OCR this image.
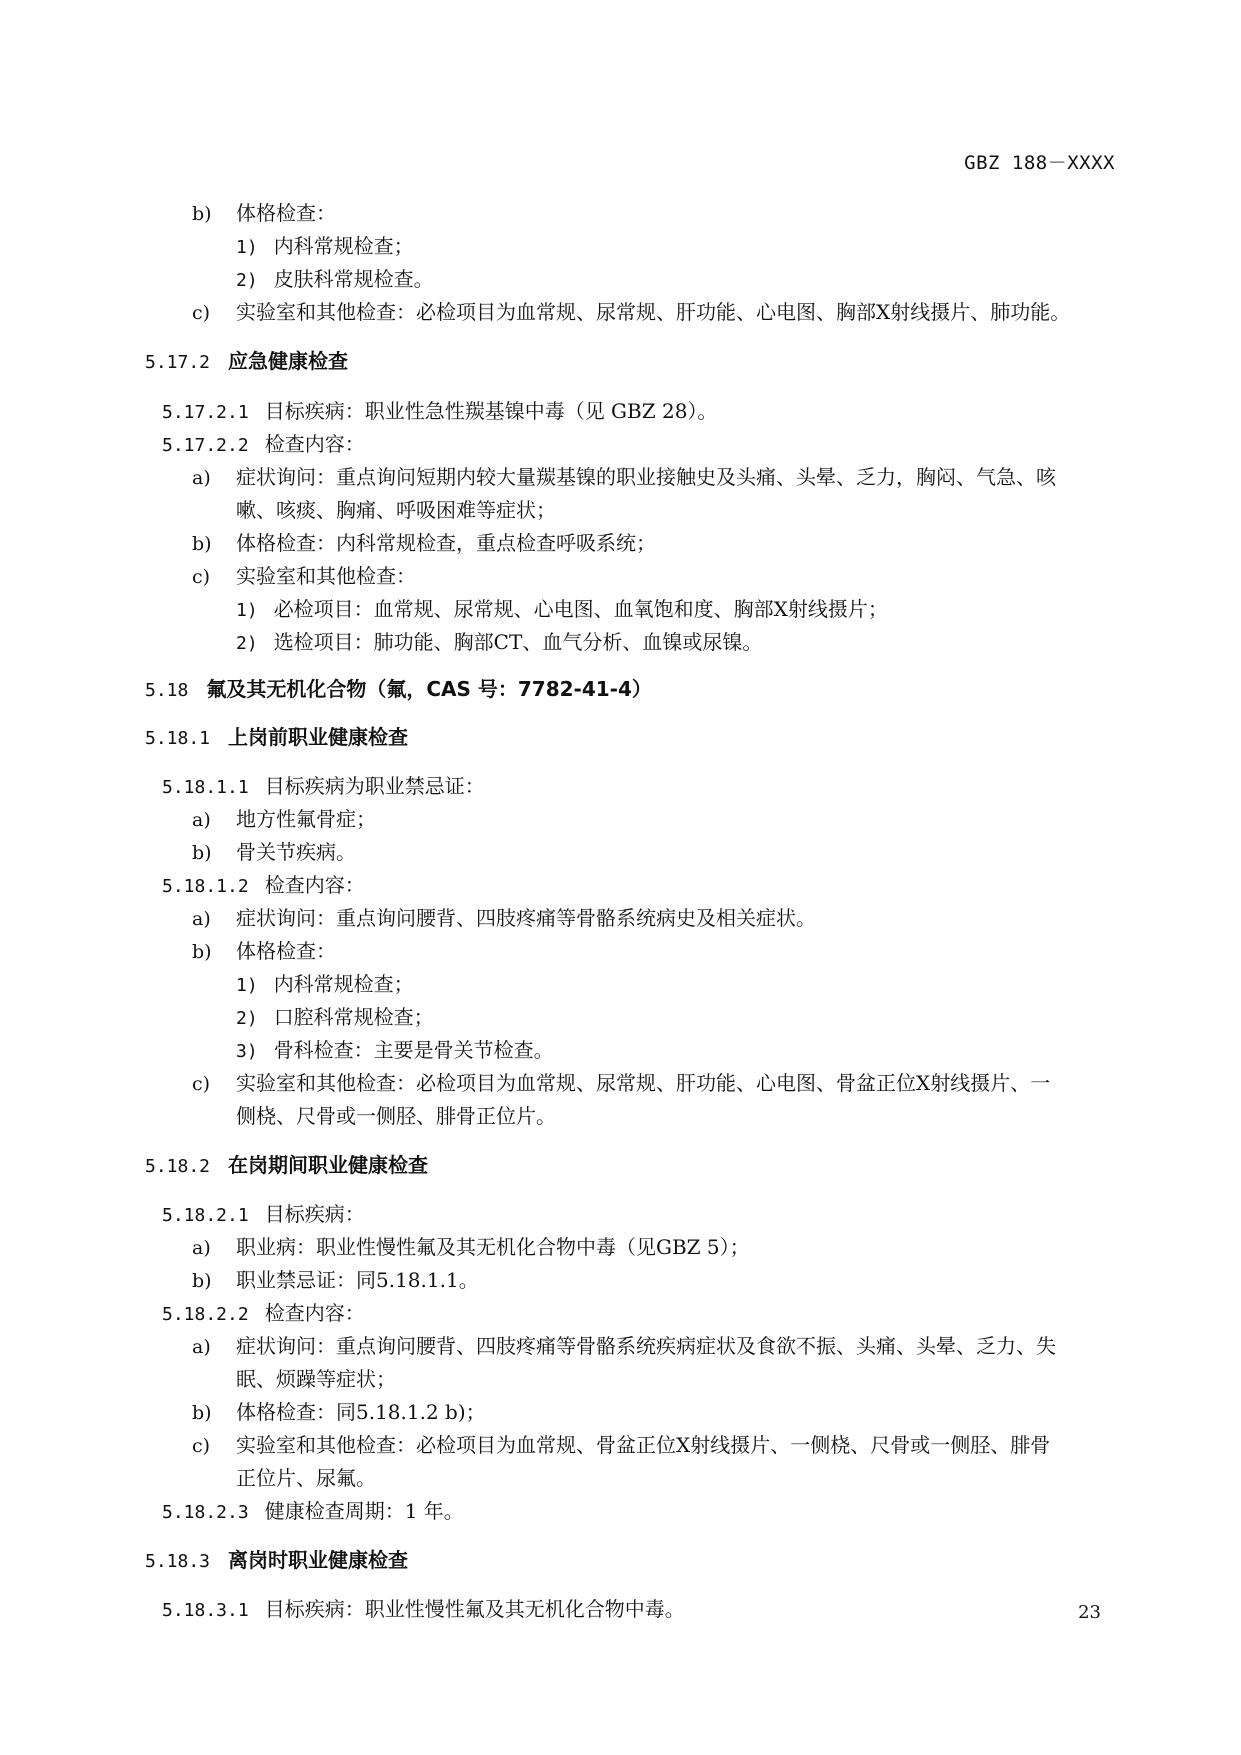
GBZ 188－XXXX
b) 体格检查：
1) 内科常规检查；
2) 皮肤科常规检查。
c) 实验室和其他检查：必检项目为血常规、尿常规、肝功能、心电图、胸部X射线摄片、肺功能。
5.17.2 应急健康检查
5.17.2.1 目标疾病：职业性急性羰基镍中毒（见 GBZ 28）。
5.17.2.2 检查内容：
a) 症状询问：重点询问短期内较大量羰基镍的职业接触史及头痛、头晕、乏力，胸闷、气急、咳
嗽、咳痰、胸痛、呼吸困难等症状；
b) 体格检查：内科常规检查，重点检查呼吸系统；
c) 实验室和其他检查：
1) 必检项目：血常规、尿常规、心电图、血氧饱和度、胸部X射线摄片；
2) 选检项目：肺功能、胸部CT、血气分析、血镍或尿镍。
5.18 氟及其无机化合物（氟，CAS 号：7782-41-4）
5.18.1 上岗前职业健康检查
5.18.1.1 目标疾病为职业禁忌证：
a) 地方性氟骨症；
b) 骨关节疾病。
5.18.1.2 检查内容：
a) 症状询问：重点询问腰背、四肢疼痛等骨骼系统病史及相关症状。
b) 体格检查：
1) 内科常规检查；
2) 口腔科常规检查；
3) 骨科检查：主要是骨关节检查。
c) 实验室和其他检查：必检项目为血常规、尿常规、肝功能、心电图、骨盆正位X射线摄片、一
侧桡、尺骨或一侧胫、腓骨正位片。
5.18.2 在岗期间职业健康检查
5.18.2.1 目标疾病：
a) 职业病：职业性慢性氟及其无机化合物中毒（见GBZ 5）；
b) 职业禁忌证：同5.18.1.1。
5.18.2.2 检查内容：
a) 症状询问：重点询问腰背、四肢疼痛等骨骼系统疾病症状及食欲不振、头痛、头晕、乏力、失
眠、烦躁等症状；
b) 体格检查：同5.18.1.2 b)；
c) 实验室和其他检查：必检项目为血常规、骨盆正位X射线摄片、一侧桡、尺骨或一侧胫、腓骨
正位片、尿氟。
5.18.2.3 健康检查周期：1 年。
5.18.3 离岗时职业健康检查
5.18.3.1 目标疾病：职业性慢性氟及其无机化合物中毒。	23
